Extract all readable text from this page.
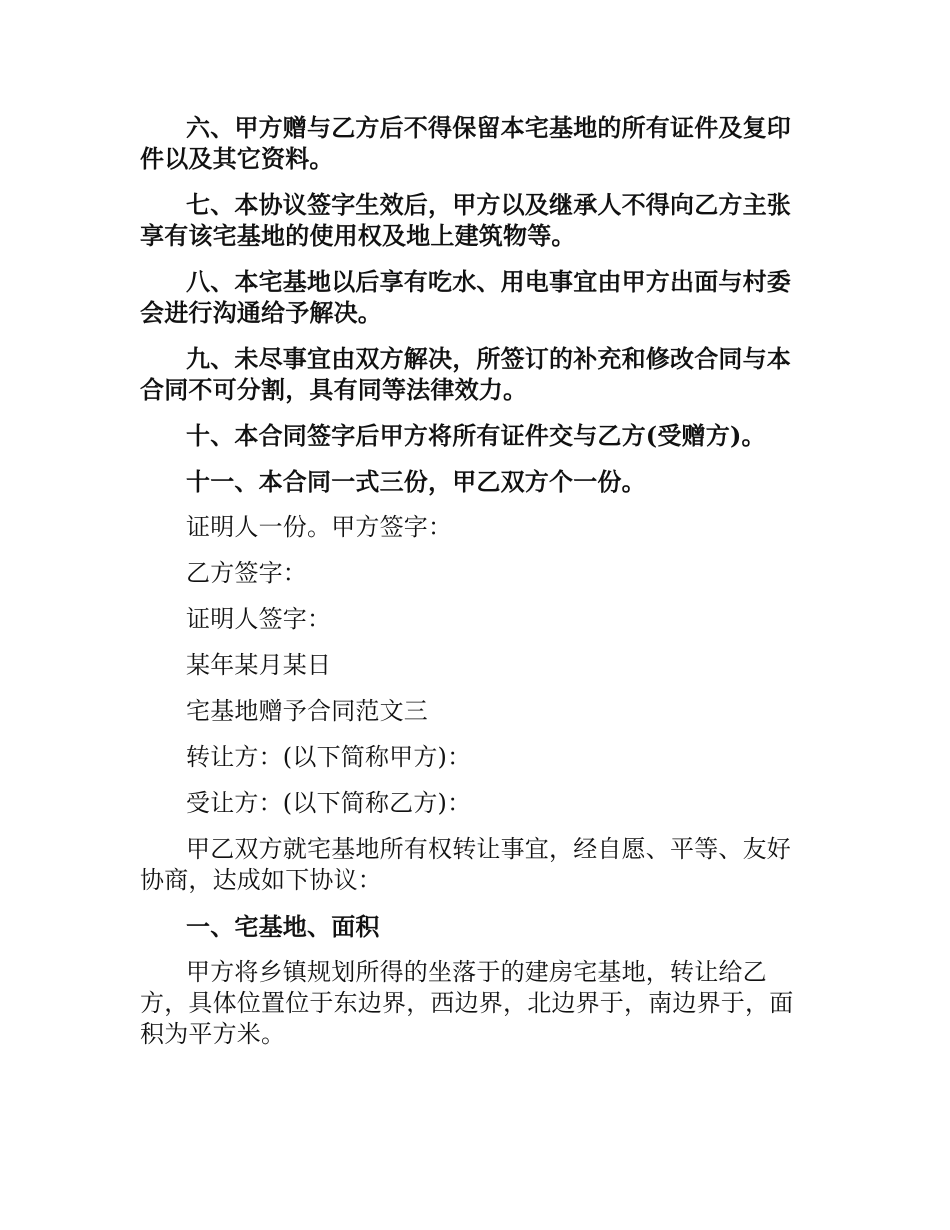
六、甲方赠与乙方后不得保留本宅基地的所有证件及复印件以及其它资料。

七、本协议签字生效后，甲方以及继承人不得向乙方主张享有该宅基地的使用权及地上建筑物等。

八、本宅基地以后享有吃水、用电事宜由甲方出面与村委会进行沟通给予解决。

九、未尽事宜由双方解决，所签订的补充和修改合同与本合同不可分割，具有同等法律效力。

十、本合同签字后甲方将所有证件交与乙方(受赠方)。

十一、本合同一式三份，甲乙双方个一份。

证明人一份。甲方签字：

乙方签字：

证明人签字：

某年某月某日

宅基地赠予合同范文三

转让方：(以下简称甲方)：

受让方：(以下简称乙方)：

甲乙双方就宅基地所有权转让事宜，经自愿、平等、友好协商，达成如下协议：

一、宅基地、面积

甲方将乡镇规划所得的坐落于的建房宅基地，转让给乙方，具体位置位于东边界，西边界，北边界于，南边界于，面积为平方米。
